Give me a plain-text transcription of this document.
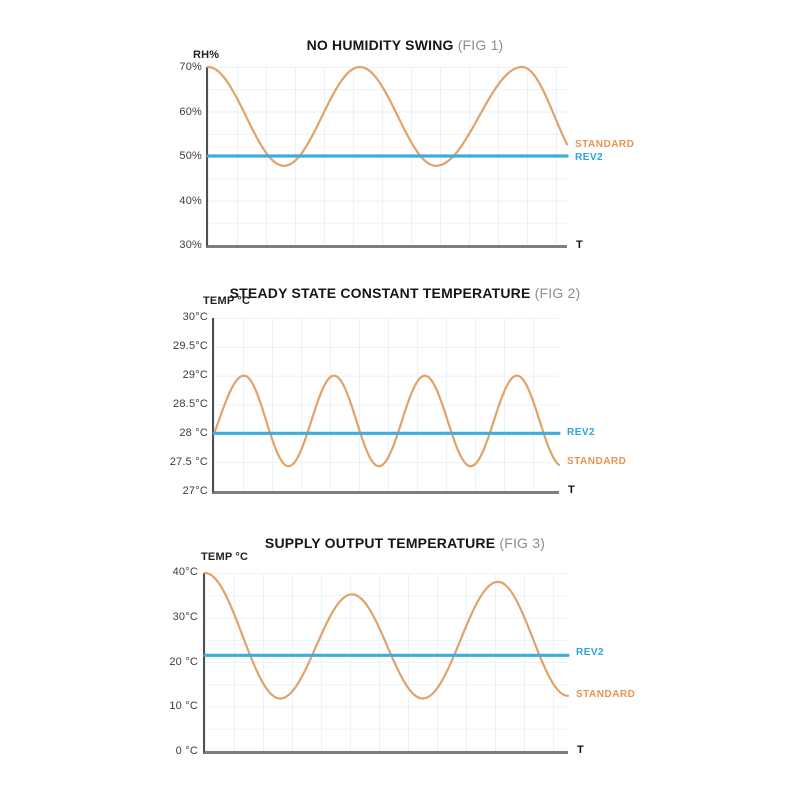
NO HUMIDITY SWING (FIG 1)
RH%
70%
60%
50%
40%
30%
STANDARD
REV2
T
STEADY STATE CONSTANT TEMPERATURE (FIG 2)
TEMP °C
30°C
29.5°C
29°C
28.5°C
28 °C
27.5 °C
27°C
REV2
STANDARD
T
SUPPLY OUTPUT TEMPERATURE (FIG 3)
TEMP °C
40°C
30°C
20 °C
10 °C
0 °C
REV2
STANDARD
T
